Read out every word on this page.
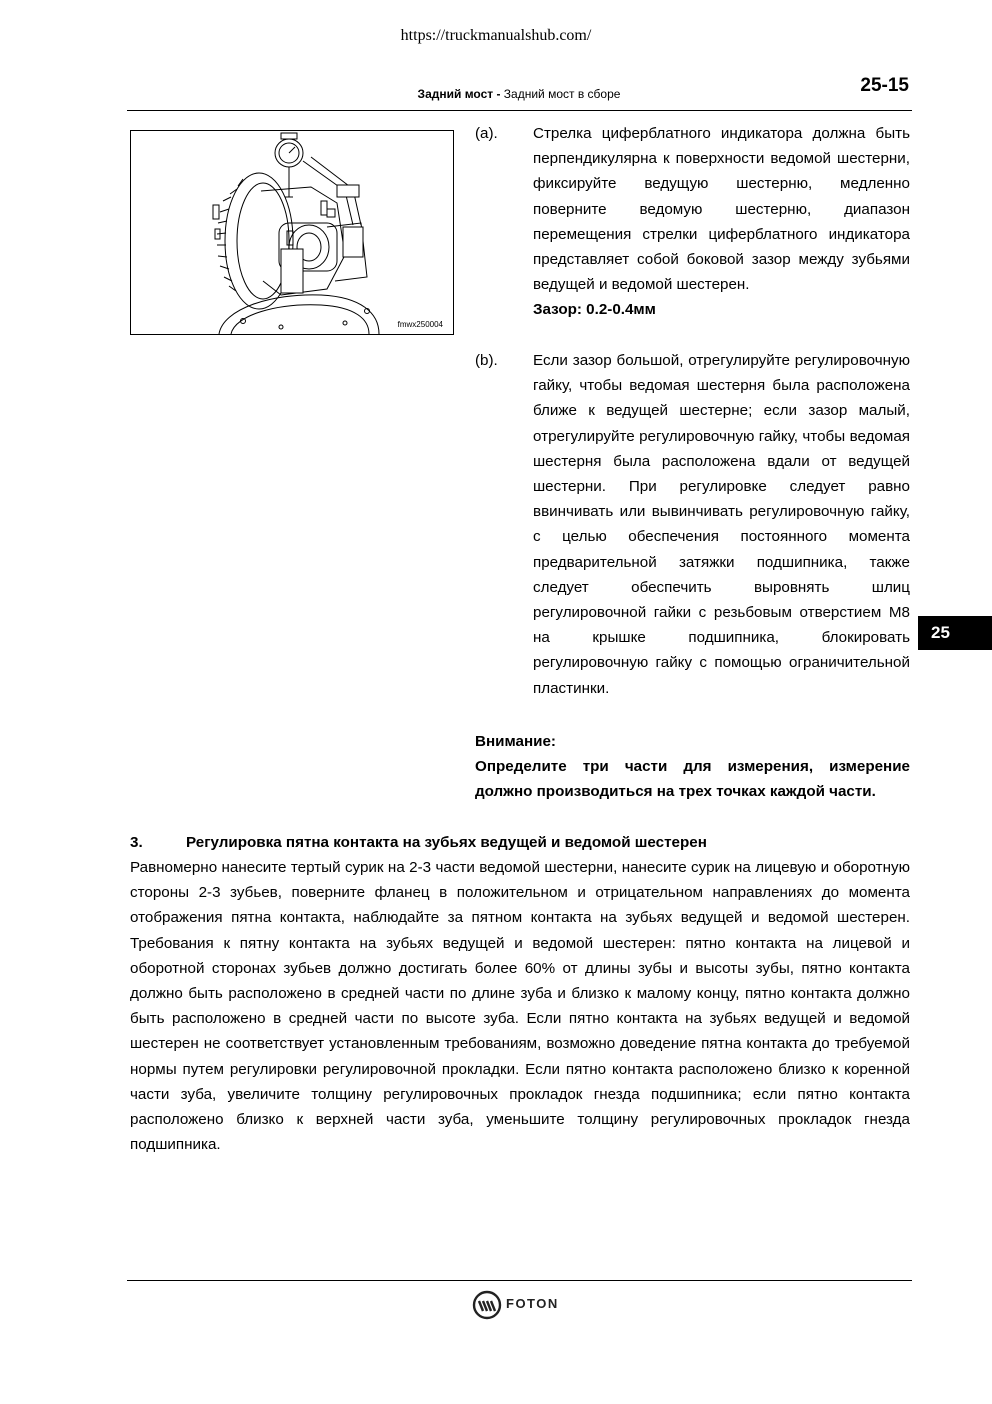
https://truckmanualshub.com/
Задний мост - Задний мост в сборе	25-15
fmwx250004
(a). Стрелка циферблатного индикатора должна быть перпендикулярна к поверхности ведомой шестерни, фиксируйте ведущую шестерню, медленно поверните ведомую шестерню, диапазон перемещения стрелки циферблатного индикатора представляет собой боковой зазор между зубьями ведущей и ведомой шестерен.
Зазор: 0.2-0.4мм
(b). Если зазор большой, отрегулируйте регулировочную гайку, чтобы ведомая шестерня была расположена ближе к ведущей шестерне; если зазор малый, отрегулируйте регулировочную гайку, чтобы ведомая шестерня была расположена вдали от ведущей шестерни. При регулировке следует равно ввинчивать или вывинчивать регулировочную гайку, с целью обеспечения постоянного момента предварительной затяжки подшипника, также следует обеспечить выровнять шлиц регулировочной гайки с резьбовым отверстием М8 на крышке подшипника, блокировать регулировочную гайку с помощью ограничительной пластинки.
Внимание:
Определите три части для измерения, измерение должно производиться на трех точках каждой части.
3.	Регулировка пятна контакта на зубьях ведущей и ведомой шестерен
Равномерно нанесите тертый сурик на 2-3 части ведомой шестерни, нанесите сурик на лицевую и оборотную стороны 2-3 зубьев, поверните фланец в положительном и отрицательном направлениях до момента отображения пятна контакта, наблюдайте за пятном контакта на зубьях ведущей и ведомой шестерен. Требования к пятну контакта на зубьях ведущей и ведомой шестерен: пятно контакта на лицевой и оборотной сторонах зубьев должно достигать более 60% от длины зубы и высоты зубы, пятно контакта должно быть расположено в средней части по длине зуба и близко к малому концу, пятно контакта должно быть расположено в средней части по высоте зуба. Если пятно контакта на зубьях ведущей и ведомой шестерен не соответствует установленным требованиям, возможно доведение пятна контакта до требуемой нормы путем регулировки регулировочной прокладки. Если пятно контакта расположено близко к коренной части зуба, увеличите толщину регулировочных прокладок гнезда подшипника; если пятно контакта расположено близко к верхней части зуба, уменьшите толщину регулировочных прокладок гнезда подшипника.
25
FOTON
